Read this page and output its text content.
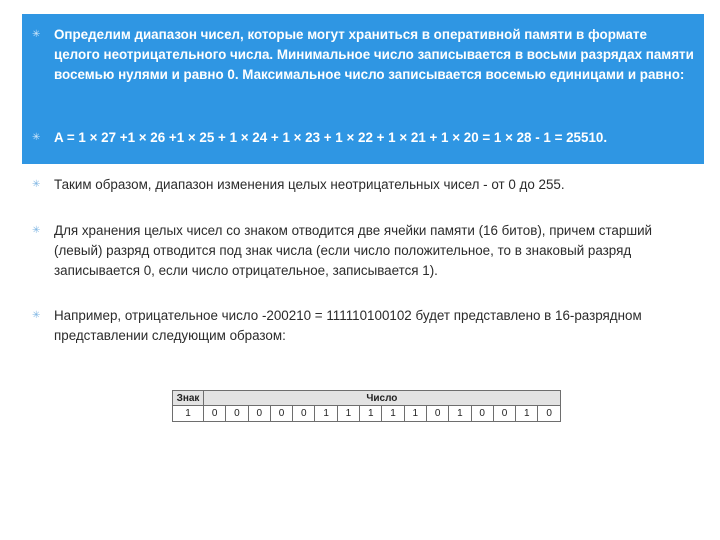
✳	Определим диапазон чисел, которые могут храниться в оперативной памяти в формате целого неотрицательного числа. Минимальное число записывается в восьми разрядах памяти восемью нулями и равно 0. Максимальное число записывается восемью единицами и равно:
✳	A = 1 × 27 +1 × 26 +1 × 25 + 1 × 24 + 1 × 23 + 1 × 22 + 1 × 21 + 1 × 20 = 1 × 28 - 1 = 25510.
✳	Таким образом, диапазон изменения целых неотрицательных чисел - от 0 до 255.
✳	Для хранения целых чисел со знаком отводится две ячейки памяти (16 битов), причем старший (левый) разряд отводится под знак числа (если число положительное, то в знаковый разряд записывается 0, если число отрицательное, записывается 1).
✳	Например, отрицательное число -200210 = 111110100102 будет представлено в 16-разрядном представлении следующим образом:
Знак	Число															
1	0	0	0	0	0	1	1	1	1	1	0	1	0	0	1	0
